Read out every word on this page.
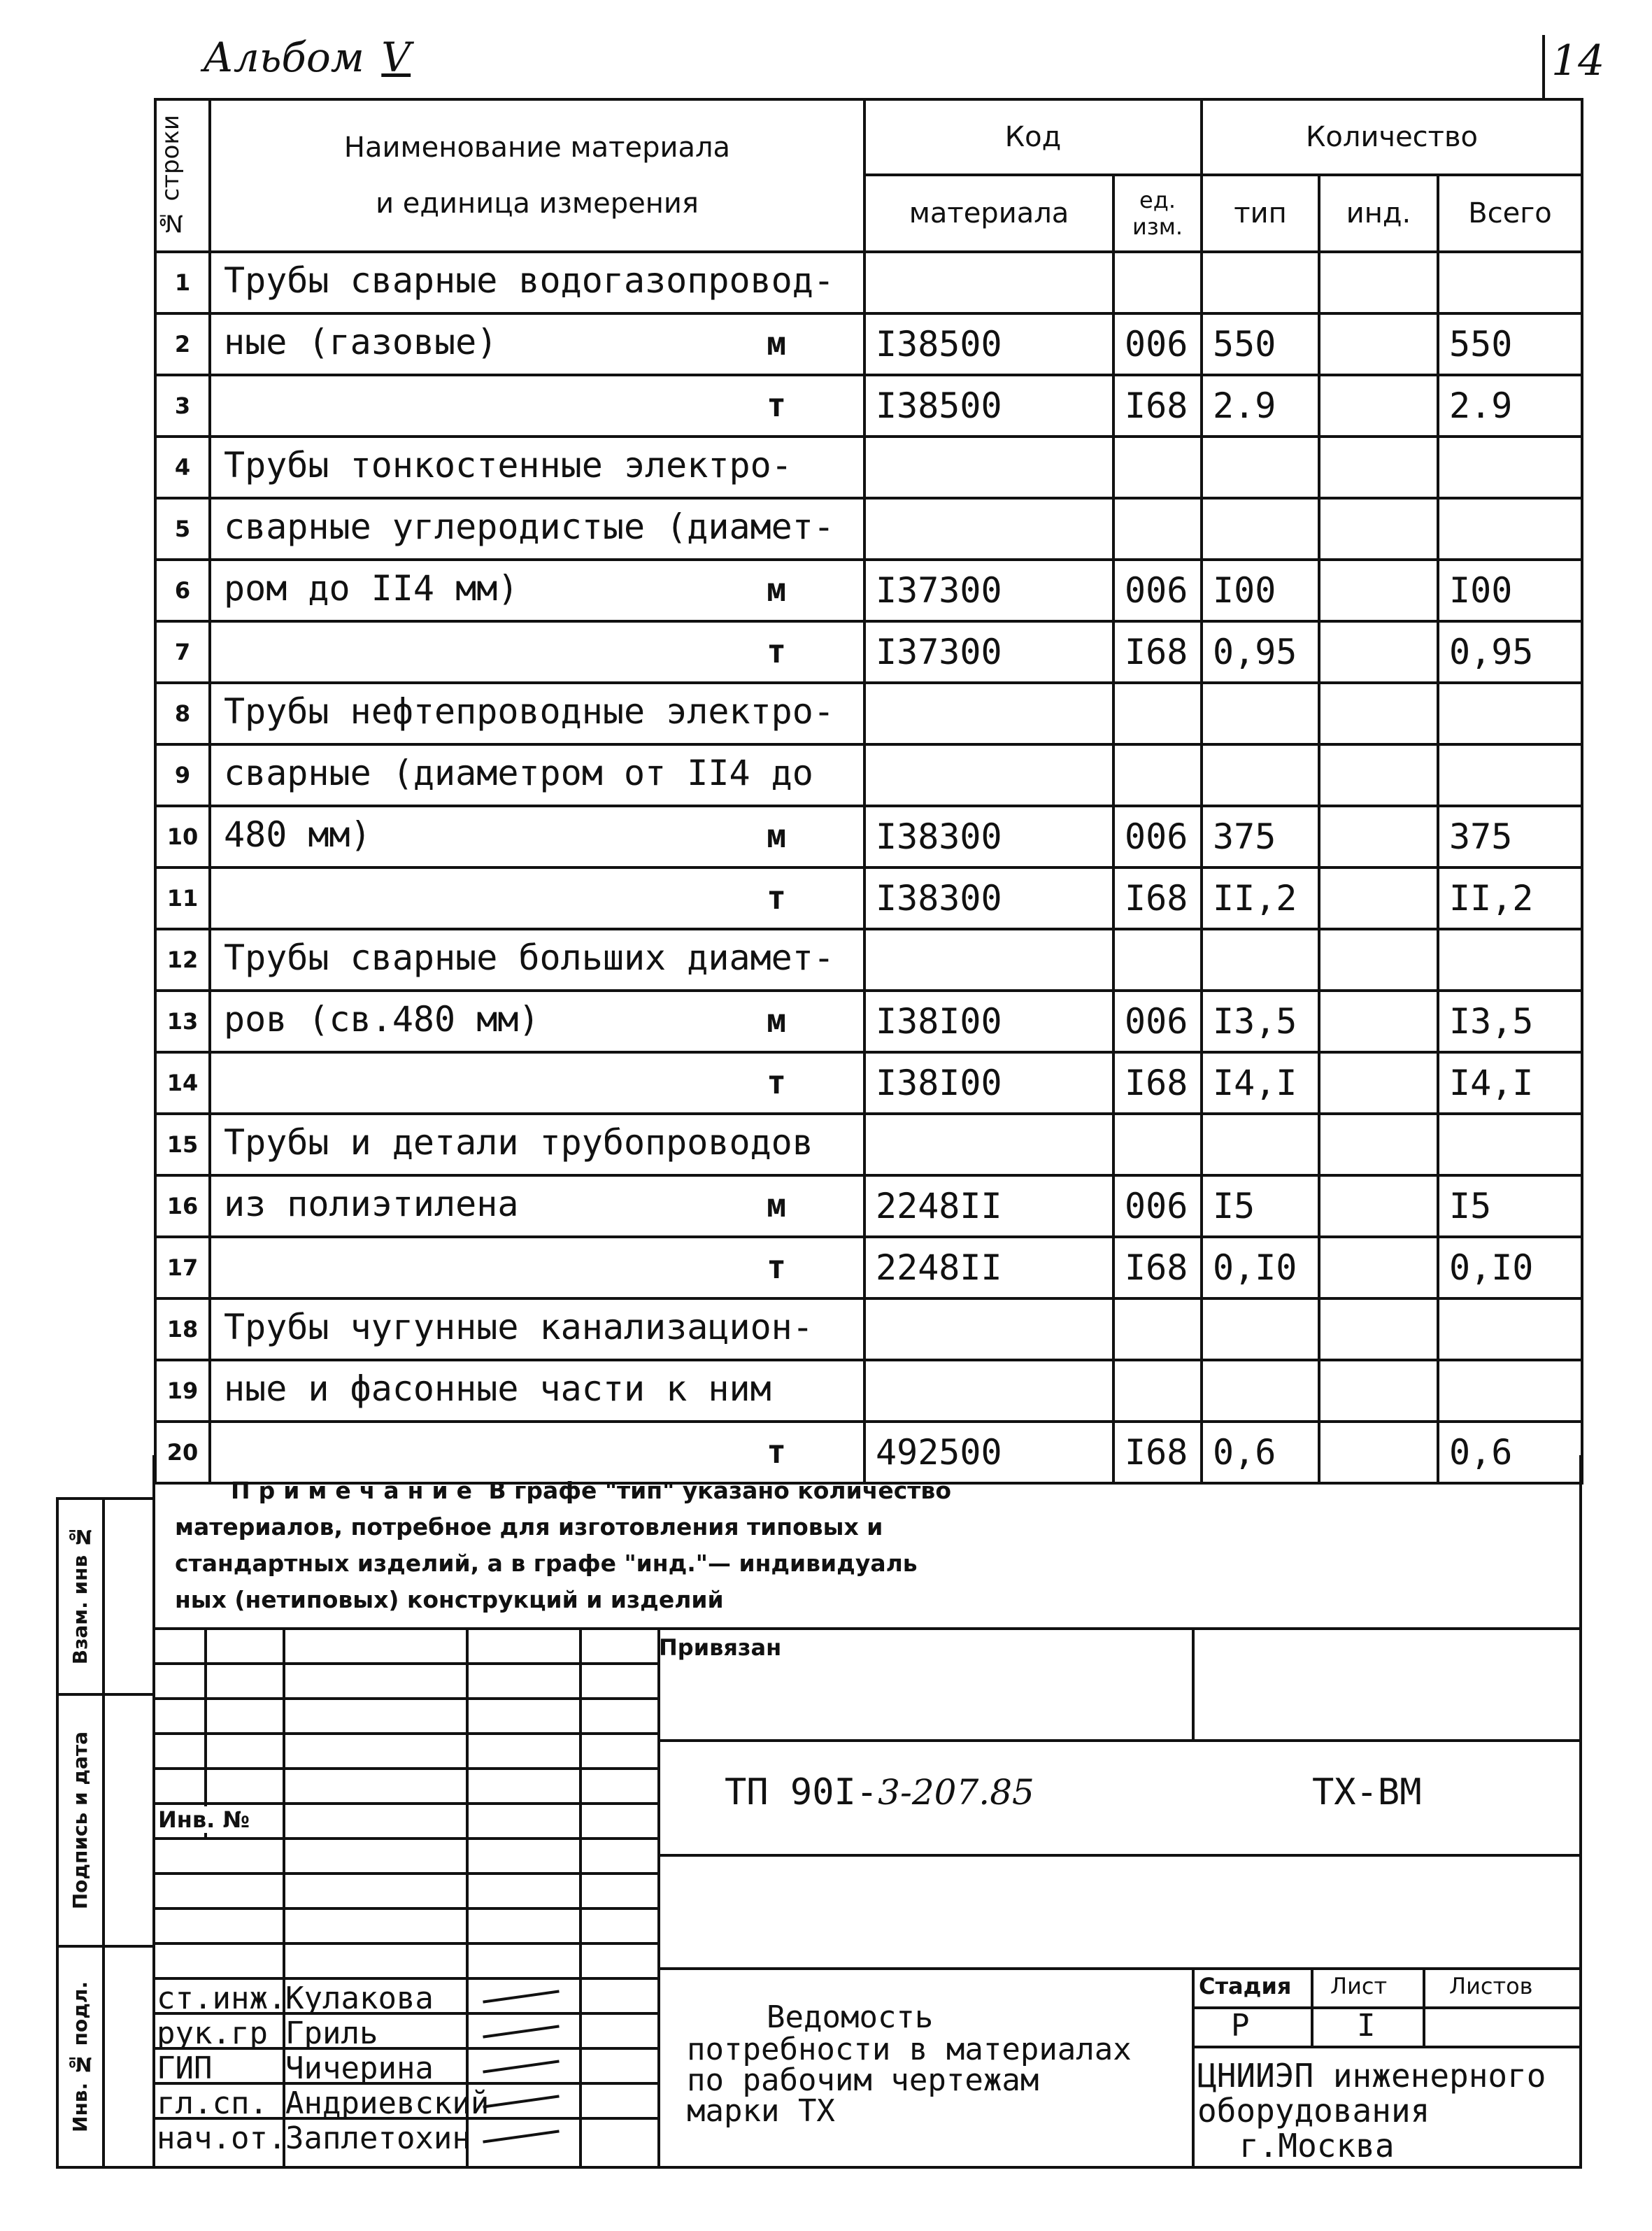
Альбом V	14
№ строки	Наименование материала
и единица измерения	Код		Количество		
		материала	ед. изм.	тип	инд.	Всего
1	Трубы сварные водогазопровод-					

2	ные (газовые) м	I38500	006	550		550
3	т	I38500	I68	2.9		2.9
4	Трубы тонкостенные электро-					

5	сварные углеродистые (диамет-					

6	ром до II4 мм) м	I37300	006	I00		I00
7	т	I37300	I68	0,95		0,95
8	Трубы нефтепроводные электро-					

9	сварные (диаметром от II4 до					

10	480 мм) м	I38300	006	375		375
11	т	I38300	I68	II,2		II,2
12	Трубы сварные больших диамет-					

13	ров (св.480 мм) м	I38I00	006	I3,5		I3,5
14	т	I38I00	I68	I4,I		I4,I
15	Трубы и детали трубопроводов					

16	из полиэтилена м	2248II	006	I5		I5
17	т	2248II	I68	0,I0		0,I0
18	Трубы чугунные канализацион-					

19	ные и фасонные части к ним					

20	т	492500	I68	0,6		0,6
Примечание В графе "тип" указано количество
материалов, потребное для изготовления типовых и
стандартных изделий, а в графе "инд."— индивидуаль
ных (нетиповых) конструкций и изделий
Взам. инв №
Подпись и дата
Инв. № подл.
Привязан
Инв. №
ТП 90I-3-207.85	ТХ-ВМ
ст.инж.
Кулакова
рук.гр Гриль
ГИП Чичерина
гл.сп. Андриевский
нач.от.
Заплетохин
Ведомость
потребности в материалах
по рабочим чертежам
марки ТХ
Стадия Лист	Листов
Р	I
ЦНИИЭП инженерного
оборудования
г.Москва
